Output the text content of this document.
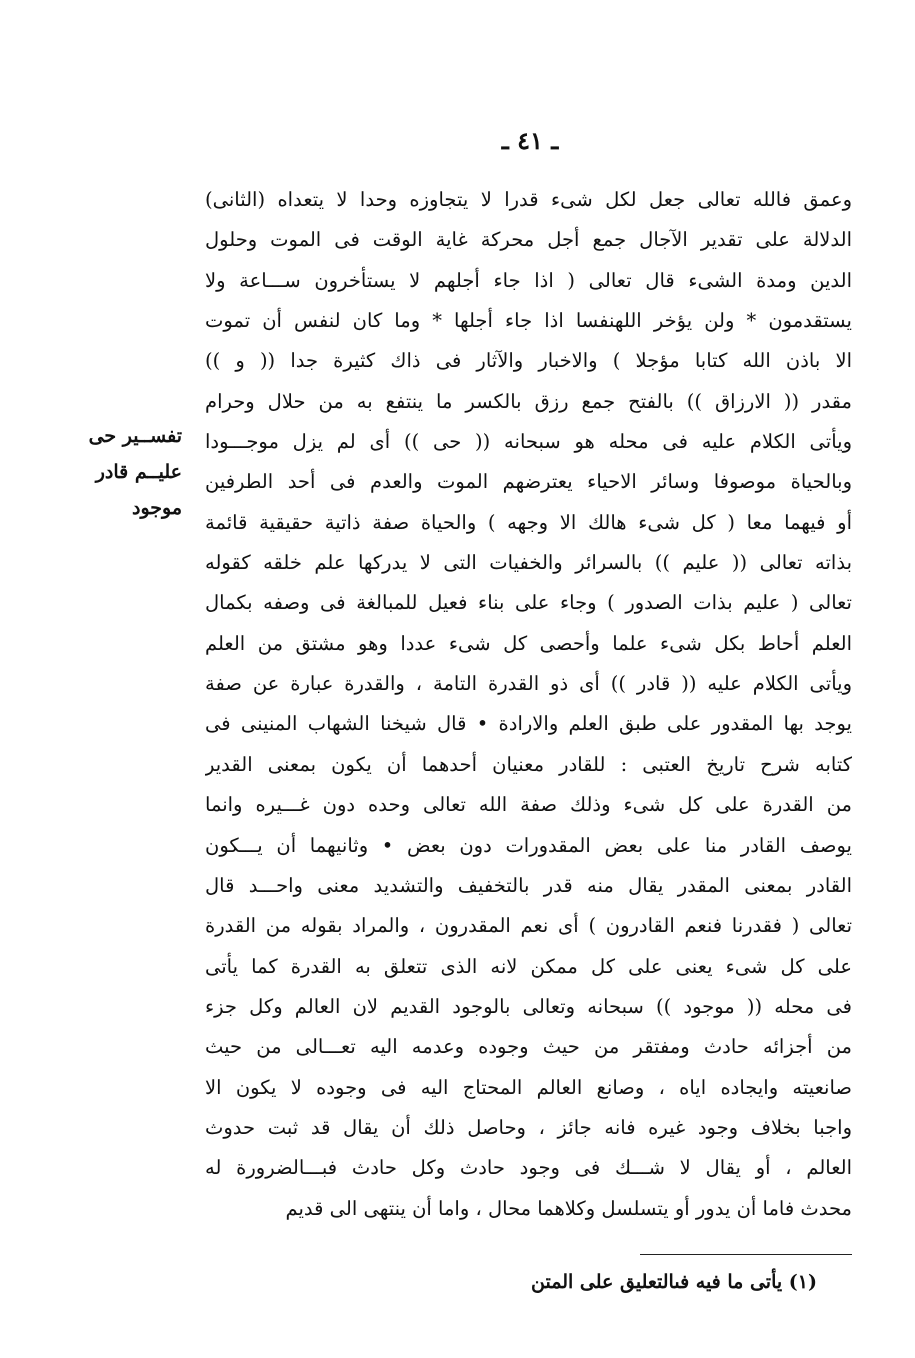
ـ ٤١ ـ
تفســير حى
عليــم قادر
موجود
وعمق فالله تعالى جعل لكل شىء قدرا لا يتجاوزه وحدا لا يتعداه (الثانى)
الدلالة على تقدير الآجال جمع أجل محركة غاية الوقت فى الموت وحلول
الدين ومدة الشىء قال تعالى ( اذا جاء أجلهم لا يستأخرون ســـاعة ولا
يستقدمون * ولن يؤخر اللهنفسا اذا جاء أجلها * وما كان لنفس أن تموت
الا باذن الله كتابا مؤجلا ) والاخبار والآثار فى ذاك كثيرة جدا (( و ))
مقدر (( الارزاق )) بالفتح جمع رزق بالكسر ما ينتفع به من حلال وحرام
ويأتى الكلام عليه فى محله هو سبحانه (( حى )) أى لم يزل موجـــودا
وبالحياة موصوفا وسائر الاحياء يعترضهم الموت والعدم فى أحد الطرفين
أو فيهما معا ( كل شىء هالك الا وجهه ) والحياة صفة ذاتية حقيقية قائمة
بذاته تعالى (( عليم )) بالسرائر والخفيات التى لا يدركها علم خلقه كقوله
تعالى ( عليم بذات الصدور ) وجاء على بناء فعيل للمبالغة فى وصفه بكمال
العلم أحاط بكل شىء علما وأحصى كل شىء عددا وهو مشتق من العلم
ويأتى الكلام عليه (( قادر )) أى ذو القدرة التامة ، والقدرة عبارة عن صفة
يوجد بها المقدور على طبق العلم والارادة • قال شيخنا الشهاب المنينى فى
كتابه شرح تاريخ العتبى : للقادر معنيان أحدهما أن يكون بمعنى القدير
من القدرة على كل شىء وذلك صفة الله تعالى وحده دون غـــيره وانما
يوصف القادر منا على بعض المقدورات دون بعض • وثانيهما أن يـــكون
القادر بمعنى المقدر يقال منه قدر بالتخفيف والتشديد معنى واحـــد قال
تعالى ( فقدرنا فنعم القادرون ) أى نعم المقدرون ، والمراد بقوله من القدرة
على كل شىء يعنى على كل ممكن لانه الذى تتعلق به القدرة كما يأتى
فى محله (( موجود )) سبحانه وتعالى بالوجود القديم لان العالم وكل جزء
من أجزائه حادث ومفتقر من حيث وجوده وعدمه اليه تعـــالى من حيث
صانعيته وايجاده اياه ، وصانع العالم المحتاج اليه فى وجوده لا يكون الا
واجبا بخلاف وجود غيره فانه جائز ، وحاصل ذلك أن يقال قد ثبت حدوث
العالم ، أو يقال لا شـــك فى وجود حادث وكل حادث فبـــالضرورة له
محدث فاما أن يدور أو يتسلسل وكلاهما محال ، واما أن ينتهى الى قديم
(١) يأتى ما فيه فىالتعليق على المتن
